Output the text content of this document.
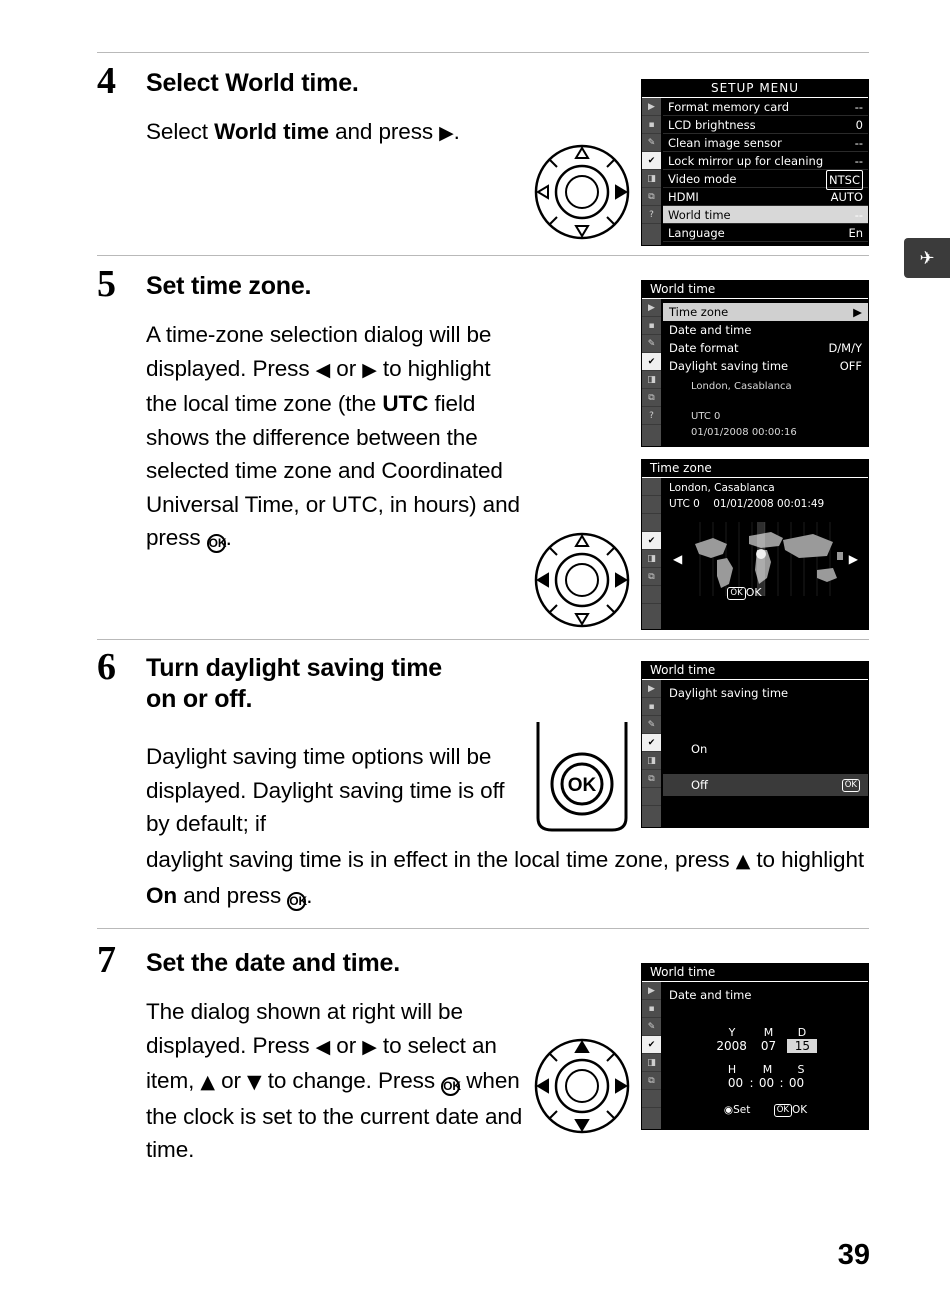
✈
4 Select World time.
Select World time and press ▶.
SETUP MENU
▶
▪
✎
✔
◨
⧉
?
Format memory card	--
LCD brightness	0
Clean image sensor	--
Lock mirror up for cleaning	--
Video mode	NTSC
HDMI	AUTO
World time	--
Language	En
5 Set time zone.
A time-zone selection dialog will be displayed. Press ◀ or ▶ to highlight the local time zone (the UTC field shows the difference between the selected time zone and Coordinated Universal Time, or UTC, in hours) and press OK.
World time
▶
▪
✎
✔
◨
⧉
?
Time zone	▶
Date and time
Date format	D/M/Y
Daylight saving time	OFF
London, Casablanca
UTC 0
01/01/2008 00:00:16
Time zone
✔
◨
⧉
London, Casablanca
UTC 0 01/01/2008 00:01:49
◀	▶
OK OK
6 Turn daylight saving time
on or off.
Daylight saving time options will be displayed. Daylight saving time is off by default; if
daylight saving time is in effect in the local time zone, press ▲ to highlight On and press OK.
OK
World time
▶
▪
✎
✔
◨
⧉
Daylight saving time
On
Off	OK
7 Set the date and time.
The dialog shown at right will be displayed. Press ◀ or ▶ to select an item, ▲ or ▼ to change. Press OK when the clock is set to the current date and time.
World time
▶
▪
✎
✔
◨
⧉
Date and time
Y	M D
2008 07 15
H M S
00 : 00 : 00
◉Set	OK OK
39
